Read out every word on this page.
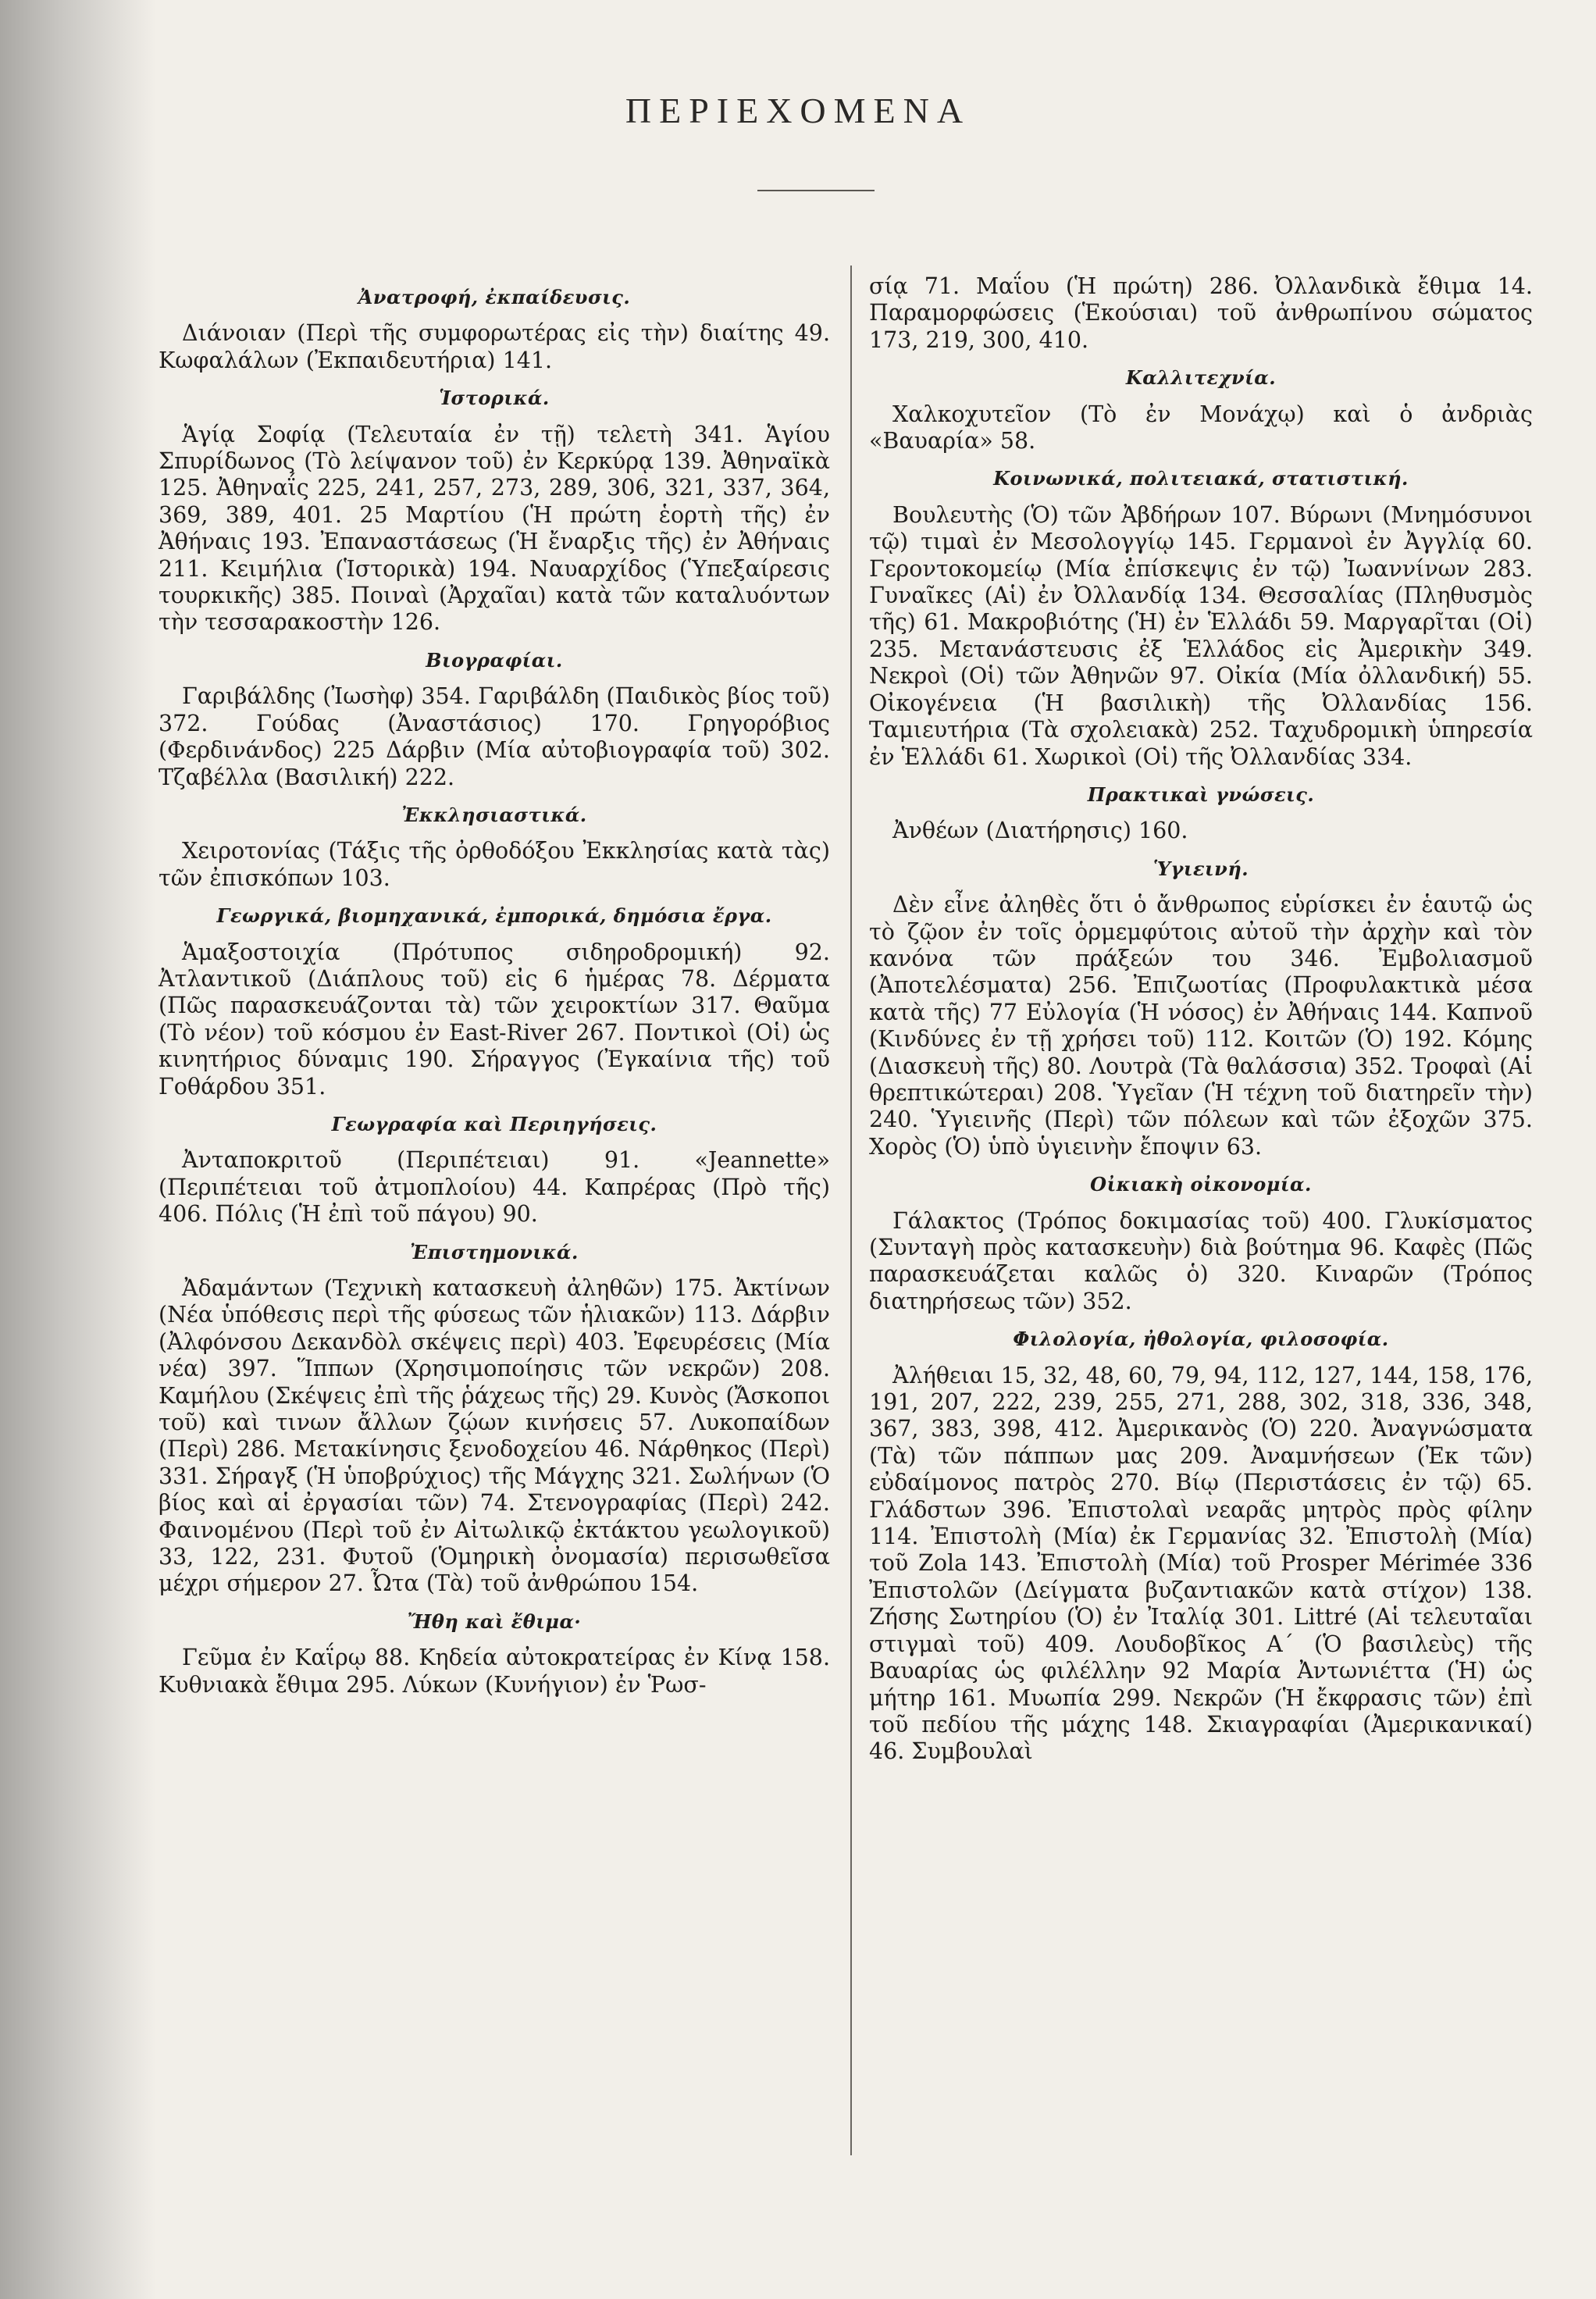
ΠΕΡΙΕΧΟΜΕΝΑ
Ἀνατροφή, ἐκπαίδευσις.

Διάνοιαν (Περὶ τῆς συμφορωτέρας εἰς τὴν) διαίτης 49. Κωφαλάλων (Ἐκπαιδευτήρια) 141.

Ἱστορικά.

Ἁγίᾳ Σοφίᾳ (Τελευταία ἐν τῇ) τελετὴ 341. Ἁγίου Σπυρίδωνος (Τὸ λείψανον τοῦ) ἐν Κερκύρᾳ 139. Ἀθηναϊκὰ 125. Ἀθηναΐς 225, 241, 257, 273, 289, 306, 321, 337, 364, 369, 389, 401. 25 Μαρτίου (Ἡ πρώτη ἑορτὴ τῆς) ἐν Ἀθήναις 193. Ἐπαναστάσεως (Ἡ ἔναρξις τῆς) ἐν Ἀθήναις 211. Κειμήλια (Ἱστορικὰ) 194. Ναυαρχίδος (Ὑπεξαίρεσις τουρκικῆς) 385. Ποιναὶ (Ἀρχαῖαι) κατὰ τῶν καταλυόντων τὴν τεσσαρακοστὴν 126.

Βιογραφίαι.

Γαριβάλδης (Ἰωσὴφ) 354. Γαριβάλδη (Παιδικὸς βίος τοῦ) 372. Γούδας (Ἀναστάσιος) 170. Γρηγορόβιος (Φερδινάνδος) 225 Δάρβιν (Μία αὐτοβιογραφία τοῦ) 302. Τζαβέλλα (Βασιλική) 222.

Ἐκκλησιαστικά.

Χειροτονίας (Τάξις τῆς ὀρθοδόξου Ἐκκλησίας κατὰ τὰς) τῶν ἐπισκόπων 103.

Γεωργικά, βιομηχανικά, ἐμπορικά, δημόσια ἔργα.

Ἁμαξοστοιχία (Πρότυπος σιδηροδρομική) 92. Ἀτλαντικοῦ (Διάπλους τοῦ) εἰς 6 ἡμέρας 78. Δέρματα (Πῶς παρασκευάζονται τὰ) τῶν χειροκτίων 317. Θαῦμα (Τὸ νέον) τοῦ κόσμου ἐν East-River 267. Ποντικοὶ (Οἱ) ὡς κινητήριος δύναμις 190. Σήραγγος (Ἐγκαίνια τῆς) τοῦ Γοθάρδου 351.

Γεωγραφία καὶ Περιηγήσεις.

Ἀνταποκριτοῦ (Περιπέτειαι) 91. «Jeannette» (Περιπέτειαι τοῦ ἀτμοπλοίου) 44. Καπρέρας (Πρὸ τῆς) 406. Πόλις (Ἡ ἐπὶ τοῦ πάγου) 90.

Ἐπιστημονικά.

Ἀδαμάντων (Τεχνικὴ κατασκευὴ ἀληθῶν) 175. Ἀκτίνων (Νέα ὑπόθεσις περὶ τῆς φύσεως τῶν ἡλιακῶν) 113. Δάρβιν (Ἀλφόνσου Δεκανδὸλ σκέψεις περὶ) 403. Ἐφευρέσεις (Μία νέα) 397. Ἵππων (Χρησιμοποίησις τῶν νεκρῶν) 208. Καμήλου (Σκέψεις ἐπὶ τῆς ῥάχεως τῆς) 29. Κυνὸς (Ἄσκοποι τοῦ) καὶ τινων ἄλλων ζῴων κινήσεις 57. Λυκοπαίδων (Περὶ) 286. Μετακίνησις ξενοδοχείου 46. Νάρθηκος (Περὶ) 331. Σήραγξ (Ἡ ὑποβρύχιος) τῆς Μάγχης 321. Σωλήνων (Ὁ βίος καὶ αἱ ἐργασίαι τῶν) 74. Στενογραφίας (Περὶ) 242. Φαινομένου (Περὶ τοῦ ἐν Αἰτωλικῷ ἐκτάκτου γεωλογικοῦ) 33, 122, 231. Φυτοῦ (Ὁμηρικὴ ὀνομασία) περισωθεῖσα μέχρι σήμερον 27. Ὦτα (Τὰ) τοῦ ἀνθρώπου 154.

Ἤθη καὶ ἔθιμα·

Γεῦμα ἐν Καΐρῳ 88. Κηδεία αὐτοκρατείρας ἐν Κίνᾳ 158. Κυθνιακὰ ἔθιμα 295. Λύκων (Κυνήγιον) ἐν Ῥωσ-

σίᾳ 71. Μαΐου (Ἡ πρώτη) 286. Ὀλλανδικὰ ἔθιμα 14. Παραμορφώσεις (Ἑκούσιαι) τοῦ ἀνθρωπίνου σώματος 173, 219, 300, 410.

Καλλιτεχνία.

Χαλκοχυτεῖον (Τὸ ἐν Μονάχῳ) καὶ ὁ ἀνδριὰς «Βαυαρία» 58.

Κοινωνικά, πολιτειακά, στατιστική.

Βουλευτὴς (Ὁ) τῶν Ἀβδήρων 107. Βύρωνι (Μνημόσυνοι τῷ) τιμαὶ ἐν Μεσολογγίῳ 145. Γερμανοὶ ἐν Ἀγγλίᾳ 60. Γεροντοκομείῳ (Μία ἐπίσκεψις ἐν τῷ) Ἰωαννίνων 283. Γυναῖκες (Αἱ) ἐν Ὀλλανδίᾳ 134. Θεσσαλίας (Πληθυσμὸς τῆς) 61. Μακροβιότης (Ἡ) ἐν Ἑλλάδι 59. Μαργαρῖται (Οἱ) 235. Μετανάστευσις ἐξ Ἑλλάδος εἰς Ἀμερικὴν 349. Νεκροὶ (Οἱ) τῶν Ἀθηνῶν 97. Οἰκία (Μία ὀλλανδική) 55. Οἰκογένεια (Ἡ βασιλικὴ) τῆς Ὀλλανδίας 156. Ταμιευτήρια (Τὰ σχολειακὰ) 252. Ταχυδρομικὴ ὑπηρεσία ἐν Ἑλλάδι 61. Χωρικοὶ (Οἱ) τῆς Ὀλλανδίας 334.

Πρακτικαὶ γνώσεις.

Ἀνθέων (Διατήρησις) 160.

Ὑγιεινή.

Δὲν εἶνε ἀληθὲς ὅτι ὁ ἄνθρωπος εὑρίσκει ἐν ἑαυτῷ ὡς τὸ ζῷον ἐν τοῖς ὁρμεμφύτοις αὐτοῦ τὴν ἀρχὴν καὶ τὸν κανόνα τῶν πράξεών του 346. Ἐμβολιασμοῦ (Ἀποτελέσματα) 256. Ἐπιζωοτίας (Προφυλακτικὰ μέσα κατὰ τῆς) 77 Εὐλογία (Ἡ νόσος) ἐν Ἀθήναις 144. Καπνοῦ (Κινδύνες ἐν τῇ χρήσει τοῦ) 112. Κοιτῶν (Ὁ) 192. Κόμης (Διασκευὴ τῆς) 80. Λουτρὰ (Τὰ θαλάσσια) 352. Τροφαὶ (Αἱ θρεπτικώτεραι) 208. Ὑγεῖαν (Ἡ τέχνη τοῦ διατηρεῖν τὴν) 240. Ὑγιεινῆς (Περὶ) τῶν πόλεων καὶ τῶν ἐξοχῶν 375. Χορὸς (Ὁ) ὑπὸ ὑγιεινὴν ἔποψιν 63.

Οἰκιακὴ οἰκονομία.

Γάλακτος (Τρόπος δοκιμασίας τοῦ) 400. Γλυκίσματος (Συνταγὴ πρὸς κατασκευὴν) διὰ βούτημα 96. Καφὲς (Πῶς παρασκευάζεται καλῶς ὁ) 320. Κιναρῶν (Τρόπος διατηρήσεως τῶν) 352.

Φιλολογία, ἠθολογία, φιλοσοφία.

Ἀλήθειαι 15, 32, 48, 60, 79, 94, 112, 127, 144, 158, 176, 191, 207, 222, 239, 255, 271, 288, 302, 318, 336, 348, 367, 383, 398, 412. Ἀμερικανὸς (Ὁ) 220. Ἀναγνώσματα (Τὰ) τῶν πάππων μας 209. Ἀναμνήσεων (Ἐκ τῶν) εὐδαίμονος πατρὸς 270. Βίῳ (Περιστάσεις ἐν τῷ) 65. Γλάδστων 396. Ἐπιστολαὶ νεαρᾶς μητρὸς πρὸς φίλην 114. Ἐπιστολὴ (Μία) ἐκ Γερμανίας 32. Ἐπιστολὴ (Μία) τοῦ Zola 143. Ἐπιστολὴ (Μία) τοῦ Prosper Mérimée 336 Ἐπιστολῶν (Δείγματα βυζαντιακῶν κατὰ στίχον) 138. Ζήσης Σωτηρίου (Ὁ) ἐν Ἰταλίᾳ 301. Littré (Αἱ τελευταῖαι στιγμαὶ τοῦ) 409. Λουδοβῖκος Α΄ (Ὁ βασιλεὺς) τῆς Βαυαρίας ὡς φιλέλλην 92 Μαρία Ἀντωνιέττα (Ἡ) ὡς μήτηρ 161. Μυωπία 299. Νεκρῶν (Ἡ ἔκφρασις τῶν) ἐπὶ τοῦ πεδίου τῆς μάχης 148. Σκιαγραφίαι (Ἀμερικανικαί) 46. Συμβουλαὶ
